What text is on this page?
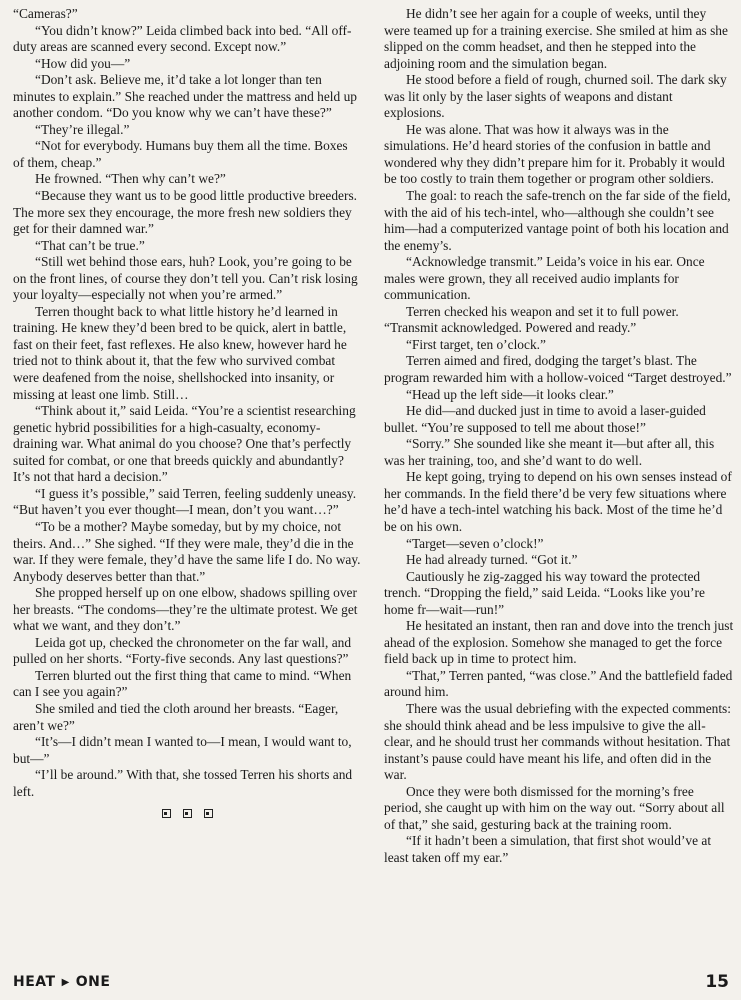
“Cameras?”

“You didn’t know?” Leida climbed back into bed. “All off-duty areas are scanned every second. Except now.”

“How did you—”

“Don’t ask. Believe me, it’d take a lot longer than ten minutes to explain.” She reached under the mattress and held up another condom. “Do you know why we can’t have these?”

“They’re illegal.”

“Not for everybody. Humans buy them all the time. Boxes of them, cheap.”

He frowned. “Then why can’t we?”

“Because they want us to be good little productive breeders. The more sex they encourage, the more fresh new soldiers they get for their damned war.”

“That can’t be true.”

“Still wet behind those ears, huh? Look, you’re going to be on the front lines, of course they don’t tell you. Can’t risk losing your loyalty—especially not when you’re armed.”

Terren thought back to what little history he’d learned in training. He knew they’d been bred to be quick, alert in battle, fast on their feet, fast reflexes. He also knew, however hard he tried not to think about it, that the few who survived combat were deafened from the noise, shellshocked into insanity, or missing at least one limb. Still…

“Think about it,” said Leida. “You’re a scientist researching genetic hybrid possibilities for a high-casualty, economy-draining war. What animal do you choose? One that’s perfectly suited for combat, or one that breeds quickly and abundantly? It’s not that hard a decision.”

“I guess it’s possible,” said Terren, feeling suddenly uneasy. “But haven’t you ever thought—I mean, don’t you want…?”

“To be a mother? Maybe someday, but by my choice, not theirs. And…” She sighed. “If they were male, they’d die in the war. If they were female, they’d have the same life I do. No way. Anybody deserves better than that.”

She propped herself up on one elbow, shadows spilling over her breasts. “The condoms—they’re the ultimate protest. We get what we want, and they don’t.”

Leida got up, checked the chronometer on the far wall, and pulled on her shorts. “Forty-five seconds. Any last questions?”

Terren blurted out the first thing that came to mind. “When can I see you again?”

She smiled and tied the cloth around her breasts. “Eager, aren’t we?”

“It’s—I didn’t mean I wanted to—I mean, I would want to, but—”

“I’ll be around.” With that, she tossed Terren his shorts and left.

He didn’t see her again for a couple of weeks, until they were teamed up for a training exercise. She smiled at him as she slipped on the comm headset, and then he stepped into the adjoining room and the simulation began.

He stood before a field of rough, churned soil. The dark sky was lit only by the laser sights of weapons and distant explosions.

He was alone. That was how it always was in the simulations. He’d heard stories of the confusion in battle and wondered why they didn’t prepare him for it. Probably it would be too costly to train them together or program other soldiers.

The goal: to reach the safe-trench on the far side of the field, with the aid of his tech-intel, who—although she couldn’t see him—had a computerized vantage point of both his location and the enemy’s.

“Acknowledge transmit.” Leida’s voice in his ear. Once males were grown, they all received audio implants for communication.

Terren checked his weapon and set it to full power. “Transmit acknowledged. Powered and ready.”

“First target, ten o’clock.”

Terren aimed and fired, dodging the target’s blast. The program rewarded him with a hollow-voiced “Target destroyed.”

“Head up the left side—it looks clear.”

He did—and ducked just in time to avoid a laser-guided bullet. “You’re supposed to tell me about those!”

“Sorry.” She sounded like she meant it—but after all, this was her training, too, and she’d want to do well.

He kept going, trying to depend on his own senses instead of her commands. In the field there’d be very few situations where he’d have a tech-intel watching his back. Most of the time he’d be on his own.

“Target—seven o’clock!”

He had already turned. “Got it.”

Cautiously he zig-zagged his way toward the protected trench. “Dropping the field,” said Leida. “Looks like you’re home fr—wait—run!”

He hesitated an instant, then ran and dove into the trench just ahead of the explosion. Somehow she managed to get the force field back up in time to protect him.

“That,” Terren panted, “was close.” And the battlefield faded around him.

There was the usual debriefing with the expected comments: she should think ahead and be less impulsive to give the all-clear, and he should trust her commands without hesitation. That instant’s pause could have meant his life, and often did in the war.

Once they were both dismissed for the morning’s free period, she caught up with him on the way out. “Sorry about all of that,” she said, gesturing back at the training room.

“If it hadn’t been a simulation, that first shot would’ve at least taken off my ear.”

HEAT ▶ ONE	15
